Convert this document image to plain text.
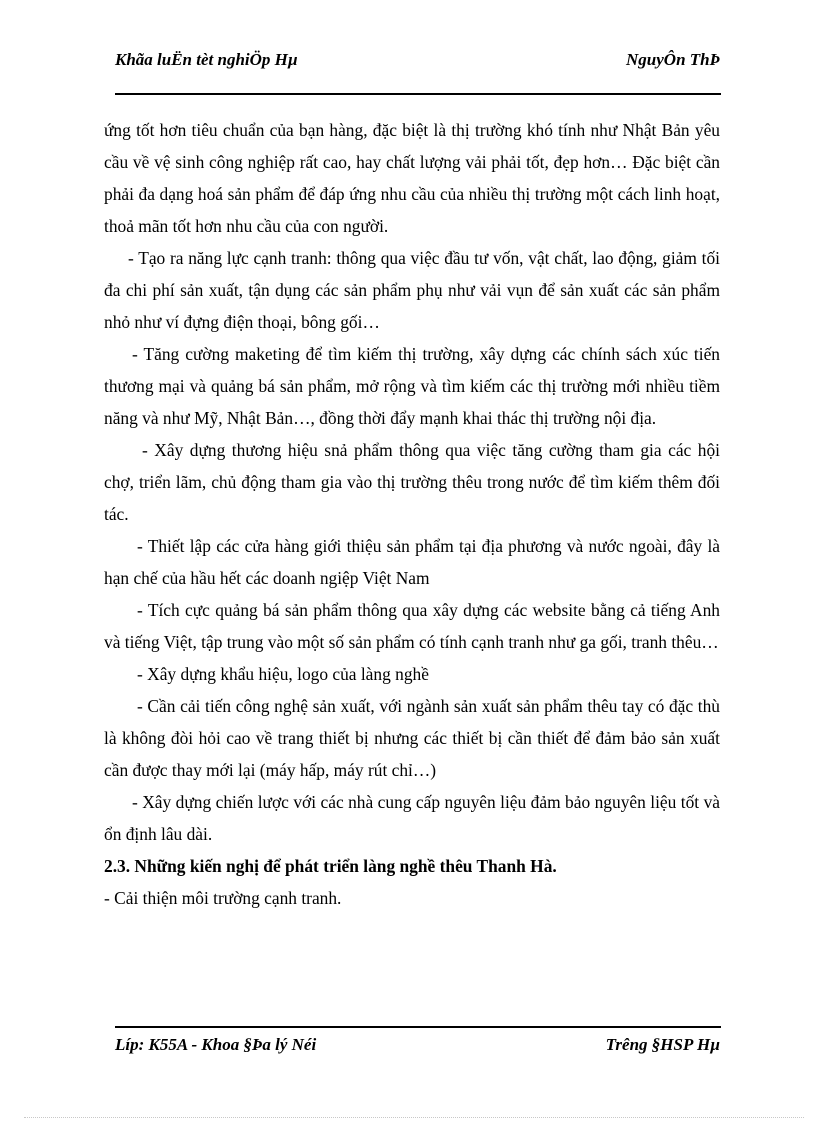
Khãa luËn tèt nghiÖp Hµ	NguyÔn ThÞ

ứng tốt hơn tiêu chuẩn của bạn hàng, đặc biệt là thị trường khó tính như Nhật Bản yêu cầu về vệ sinh công nghiệp rất cao, hay chất lượng vải phải tốt, đẹp hơn… Đặc biệt cần phải đa dạng hoá sản phẩm để đáp ứng nhu cầu của nhiều thị trường một cách linh hoạt, thoả mãn tốt hơn nhu cầu của con người.

- Tạo ra năng lực cạnh tranh: thông qua việc đầu tư vốn, vật chất, lao động, giảm tối đa chi phí sản xuất, tận dụng các sản phẩm phụ như vải vụn để sản xuất các sản phẩm nhỏ như ví đựng điện thoại, bông gối…

- Tăng cường maketing để tìm kiếm thị trường, xây dựng các chính sách xúc tiến thương mại và quảng bá sản phẩm, mở rộng và tìm kiếm các thị trường mới nhiều tiềm năng và như Mỹ, Nhật Bản…, đồng thời đẩy mạnh khai thác thị trường nội địa.

- Xây dựng thương hiệu snả phẩm thông qua việc tăng cường tham gia các hội chợ, triển lãm, chủ động tham gia vào thị trường thêu trong nước để tìm kiếm thêm đối tác.

- Thiết lập các cửa hàng giới thiệu sản phẩm tại địa phương và nước ngoài, đây là hạn chế của hầu hết các doanh ngiệp Việt Nam

- Tích cực quảng bá sản phẩm thông qua xây dựng các website bằng cả tiếng Anh và tiếng Việt, tập trung vào một số sản phẩm có tính cạnh tranh như ga gối, tranh thêu…

- Xây dựng khẩu hiệu, logo của làng nghề

- Cần cải tiến công nghệ sản xuất, với ngành sản xuất sản phẩm thêu tay có đặc thù là không đòi hỏi cao về trang thiết bị nhưng các thiết bị cần thiết để đảm bảo sản xuất cần được thay mới lại (máy hấp, máy rút chỉ…)

- Xây dựng chiến lược với các nhà cung cấp nguyên liệu đảm bảo nguyên liệu tốt và ổn định lâu dài.

2.3. Những kiến nghị để phát triển làng nghề thêu Thanh Hà.

- Cải thiện môi trường cạnh tranh.

Líp: K55A - Khoa §Þa lý Néi	Trêng §HSP Hµ
